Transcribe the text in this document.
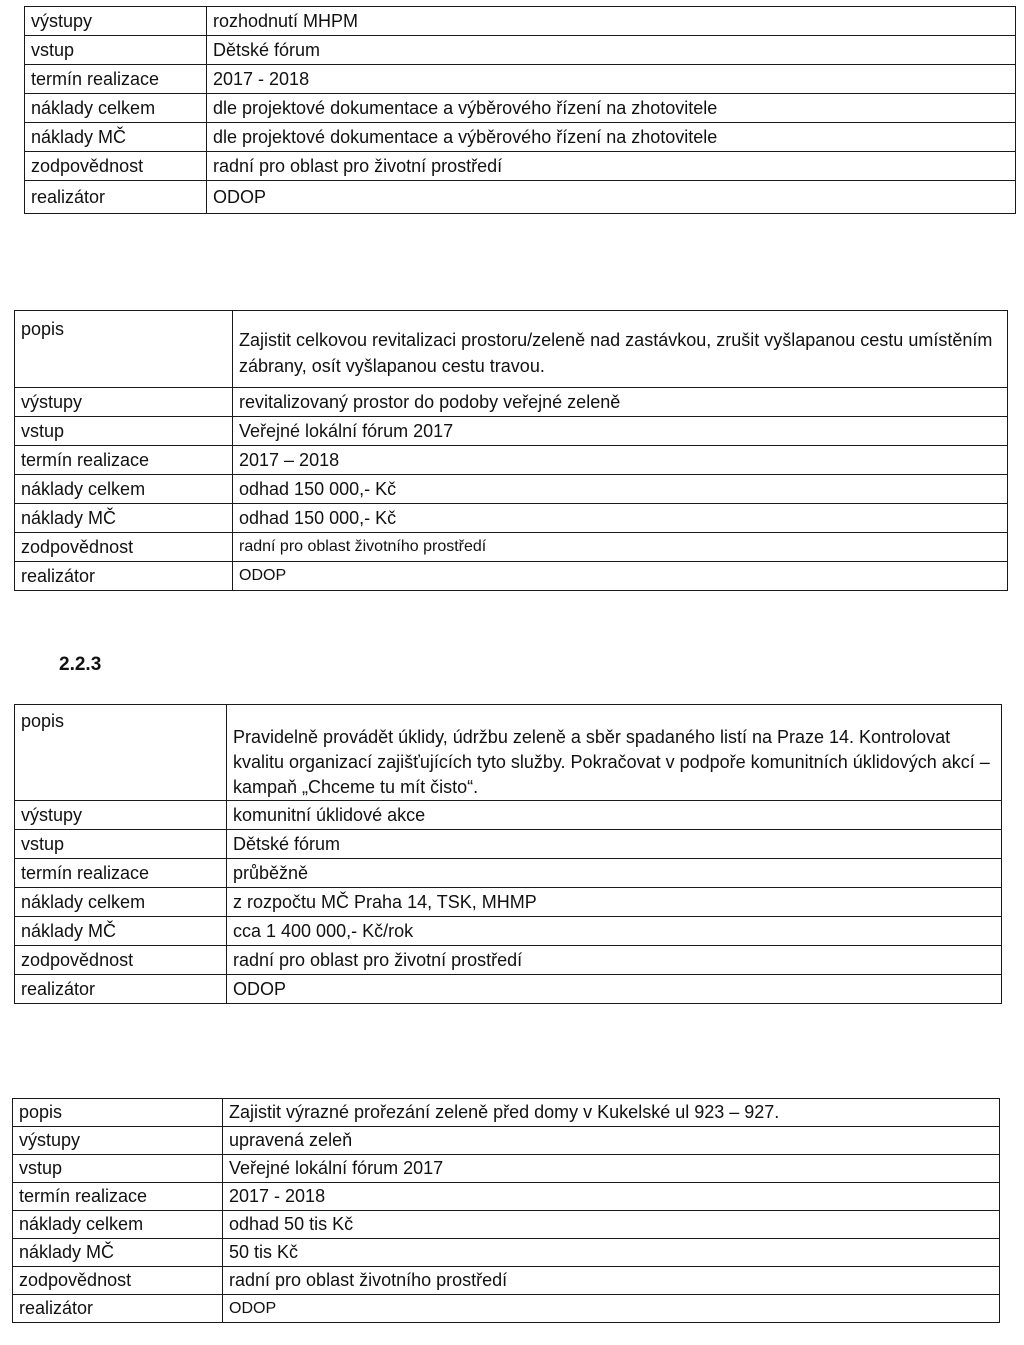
výstupy	rozhodnutí MHPM
vstup	Dětské fórum
termín realizace	2017 - 2018
náklady celkem	dle projektové dokumentace a výběrového řízení na zhotovitele
náklady MČ	dle projektové dokumentace a výběrového řízení na zhotovitele
zodpovědnost	radní pro oblast pro životní prostředí
realizátor	ODOP
popis	Zajistit celkovou revitalizaci prostoru/zeleně nad zastávkou, zrušit vyšlapanou cestu umístěním zábrany, osít vyšlapanou cestu travou.
výstupy	revitalizovaný prostor do podoby veřejné zeleně
vstup	Veřejné lokální fórum 2017
termín realizace	2017 – 2018
náklady celkem	odhad 150 000,- Kč
náklady MČ	odhad 150 000,- Kč
zodpovědnost	radní pro oblast životního prostředí
realizátor	ODOP
2.2.3
popis	Pravidelně provádět úklidy, údržbu zeleně a sběr spadaného listí na Praze 14. Kontrolovat kvalitu organizací zajišťujících tyto služby. Pokračovat v podpoře komunitních úklidových akcí – kampaň „Chceme tu mít čisto“.
výstupy	komunitní úklidové akce
vstup	Dětské fórum
termín realizace	průběžně
náklady celkem	z rozpočtu MČ Praha 14, TSK, MHMP
náklady MČ	cca 1 400 000,- Kč/rok
zodpovědnost	radní pro oblast pro životní prostředí
realizátor	ODOP
popis	Zajistit výrazné prořezání zeleně před domy v Kukelské ul 923 – 927.
výstupy	upravená zeleň
vstup	Veřejné lokální fórum 2017
termín realizace	2017 - 2018
náklady celkem	odhad 50 tis Kč
náklady MČ	50 tis Kč
zodpovědnost	radní pro oblast životního prostředí
realizátor	ODOP
